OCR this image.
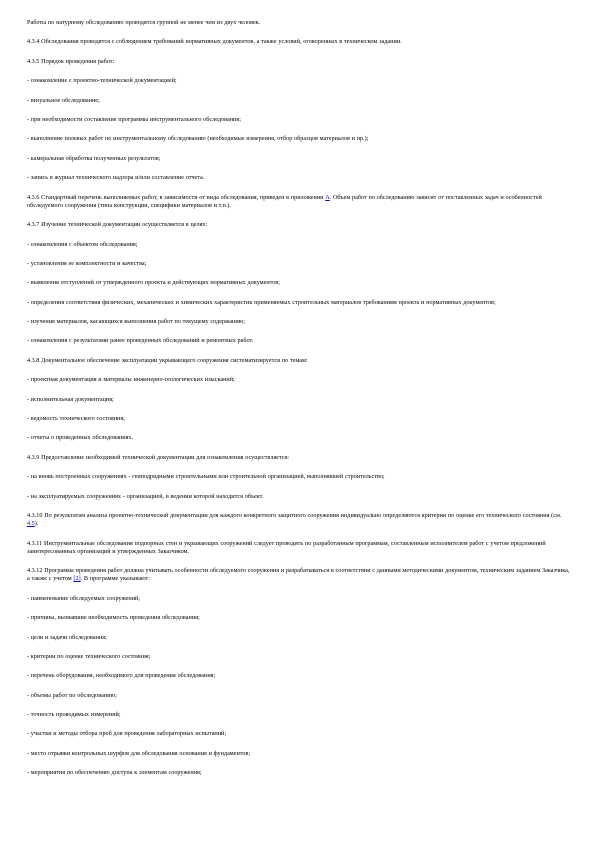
Работы по натурному обследованию проводятся группой не менее чем из двух человек.

4.3.4 Обследования проводятся с соблюдением требований нормативных документов, а также условий, оговоренных в техническом задании.

4.3.5 Порядок проведения работ:

- ознакомление с проектно-технической документацией;

- визуальное обследование;

- при необходимости составление программы инструментального обследования;

- выполнение полевых работ по инструментальному обследованию (необходимые измерения, отбор образцов материалов и пр.);

- камеральная обработка полученных результатов;

- запись в журнал технического надзора и/или составление отчета.

4.3.6 Стандартный перечень выполняемых работ, в зависимости от вида обследования, приведен в приложении А. Объем работ по обследованию зависит от поставленных задач и особенностей обследуемого сооружения (типа конструкции, специфики материалов и т.п.).

4.3.7 Изучение технической документации осуществляется в целях:

- ознакомления с объектом обследования;

- установления ее комплектности и качества;

- выявления отступлений от утвержденного проекта и действующих нормативных документов;

- определения соответствия физических, механических и химических характеристик применяемых строительных материалов требованиям проекта и нормативных документов;

- изучения материалов, касающихся выполнения работ по текущему содержанию;

- ознакомления с результатами ранее проведенных обследований и ремонтных работ.

4.3.8 Документальное обеспечение эксплуатации укрывающего сооружения систематизируется по темам:

- проектная документация и материалы инженерно-геологических изысканий;

- исполнительная документация;

- ведомость технического состояния;

- отчеты о проведенных обследованиях.

4.3.9 Предоставление необходимой технической документации для ознакомления осуществляется:

- на вновь построенных сооружениях - генподрядными строительными или строительной организацией, выполнявшей строительство;

- на эксплуатируемых сооружениях - организацией, в ведении которой находится объект.

4.3.10 По результатам анализа проектно-технической документации для каждого конкретного защитного сооружения индивидуально определяются критерии по оценке его технического состояния (см. 4.5).

4.3.11 Инструментальные обследования подпорных стен и укрывающих сооружений следует проводить по разработанным программам, составленным исполнителем работ с учетом предложений заинтересованных организаций и утвержденных Заказчиком.

4.3.12 Программа проведения работ должна учитывать особенности обследуемого сооружения и разрабатываться в соответствии с данными методическими документом, техническим заданием Заказчика, а также с учетом [2]. В программе указывают:

- наименование обследуемых сооружений;

- причины, вызвавшие необходимость проведения обследования;

- цели и задачи обследования;

- критерии по оценке технического состояния;

- перечень оборудования, необходимого для проведения обследования;

- объемы работ по обследованию;

- точность проводимых измерений;

- участки и методы отбора проб для проведения лабораторных испытаний;

- место отрывки контрольных шурфов для обследования основания и фундаментов;

- мероприятия по обеспечению доступа к элементам сооружения;
